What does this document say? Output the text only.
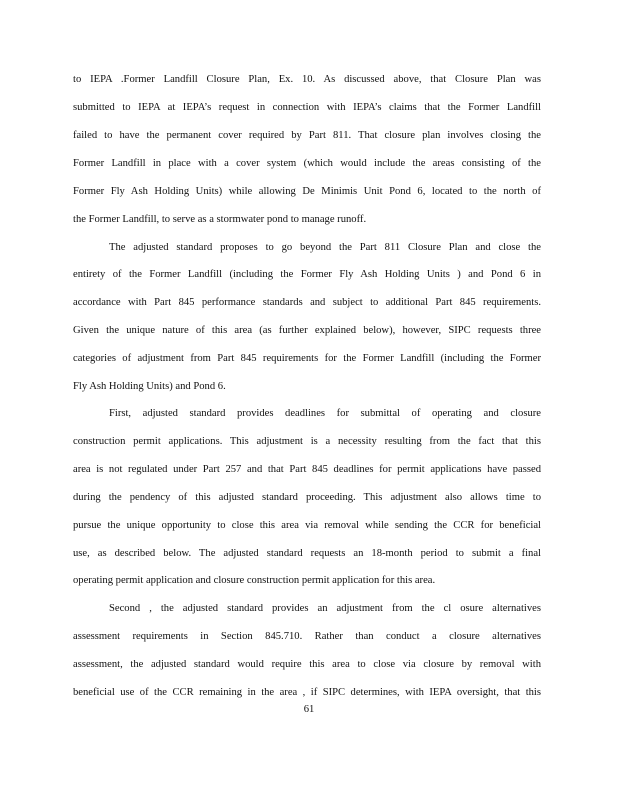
to IEPA .Former Landfill Closure Plan, Ex. 10. As discussed above, that Closure Plan was
submitted to IEPA at IEPA’s request in connection with IEPA’s claims that the Former Landfill
failed to have the permanent cover required by Part 811. That closure plan involves closing the
Former Landfill in place with a cover system (which would include the areas consisting of the
Former Fly Ash Holding Units) while allowing De Minimis Unit Pond 6, located to the north of
the Former Landfill, to serve as a stormwater pond to manage runoff.
The adjusted standard proposes to go beyond the Part 811 Closure Plan and close the
entirety of the Former Landfill (including the Former Fly Ash Holding Units ) and Pond 6 in
accordance with Part 845 performance standards and subject to additional Part 845 requirements.
Given the unique nature of this area (as further explained below), however, SIPC requests three
categories of adjustment from Part 845 requirements for the Former Landfill (including the Former
Fly Ash Holding Units) and Pond 6.
First, adjusted standard provides deadlines for submittal of operating and closure
construction permit applications. This adjustment is a necessity resulting from the fact that this
area is not regulated under Part 257 and that Part 845 deadlines for permit applications have passed
during the pendency of this adjusted standard proceeding. This adjustment also allows time to
pursue the unique opportunity to close this area via removal while sending the CCR for beneficial
use, as described below. The adjusted standard requests an 18-month period to submit a final
operating permit application and closure construction permit application for this area.
Second , the adjusted standard provides an adjustment from the cl osure alternatives
assessment requirements in Section 845.710. Rather than conduct a closure alternatives
assessment, the adjusted standard would require this area to close via closure by removal with
beneficial use of the CCR remaining in the area , if SIPC determines, with IEPA oversight, that this
61
